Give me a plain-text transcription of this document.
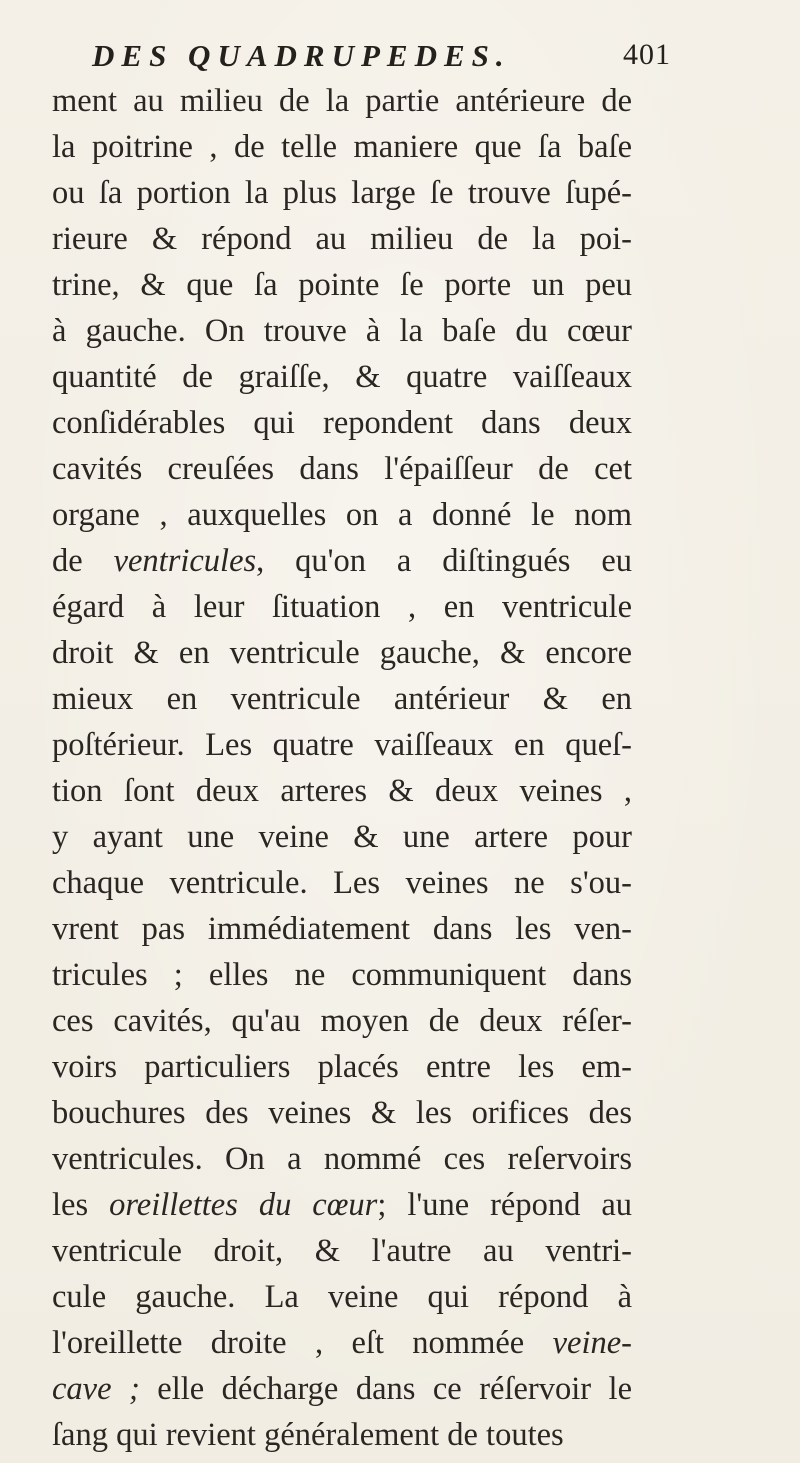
DES QUADRUPEDES.	401
ment au milieu de la partie antérieure de
la poitrine , de telle maniere que ſa baſe
ou ſa portion la plus large ſe trouve ſupé-
rieure & répond au milieu de la poi-
trine, & que ſa pointe ſe porte un peu
à gauche. On trouve à la baſe du cœur
quantité de graiſſe, & quatre vaiſſeaux
conſidérables qui repondent dans deux
cavités creuſées dans l'épaiſſeur de cet
organe , auxquelles on a donné le nom
de ventricules, qu'on a diſtingués eu
égard à leur ſituation , en ventricule
droit & en ventricule gauche, & encore
mieux en ventricule antérieur & en
poſtérieur. Les quatre vaiſſeaux en queſ-
tion ſont deux arteres & deux veines ,
y ayant une veine & une artere pour
chaque ventricule. Les veines ne s'ou-
vrent pas immédiatement dans les ven-
tricules ; elles ne communiquent dans
ces cavités, qu'au moyen de deux réſer-
voirs particuliers placés entre les em-
bouchures des veines & les orifices des
ventricules. On a nommé ces reſervoirs
les oreillettes du cœur; l'une répond au
ventricule droit, & l'autre au ventri-
cule gauche. La veine qui répond à
l'oreillette droite , eſt nommée veine-
cave ; elle décharge dans ce réſervoir le
ſang qui revient généralement de toutes
